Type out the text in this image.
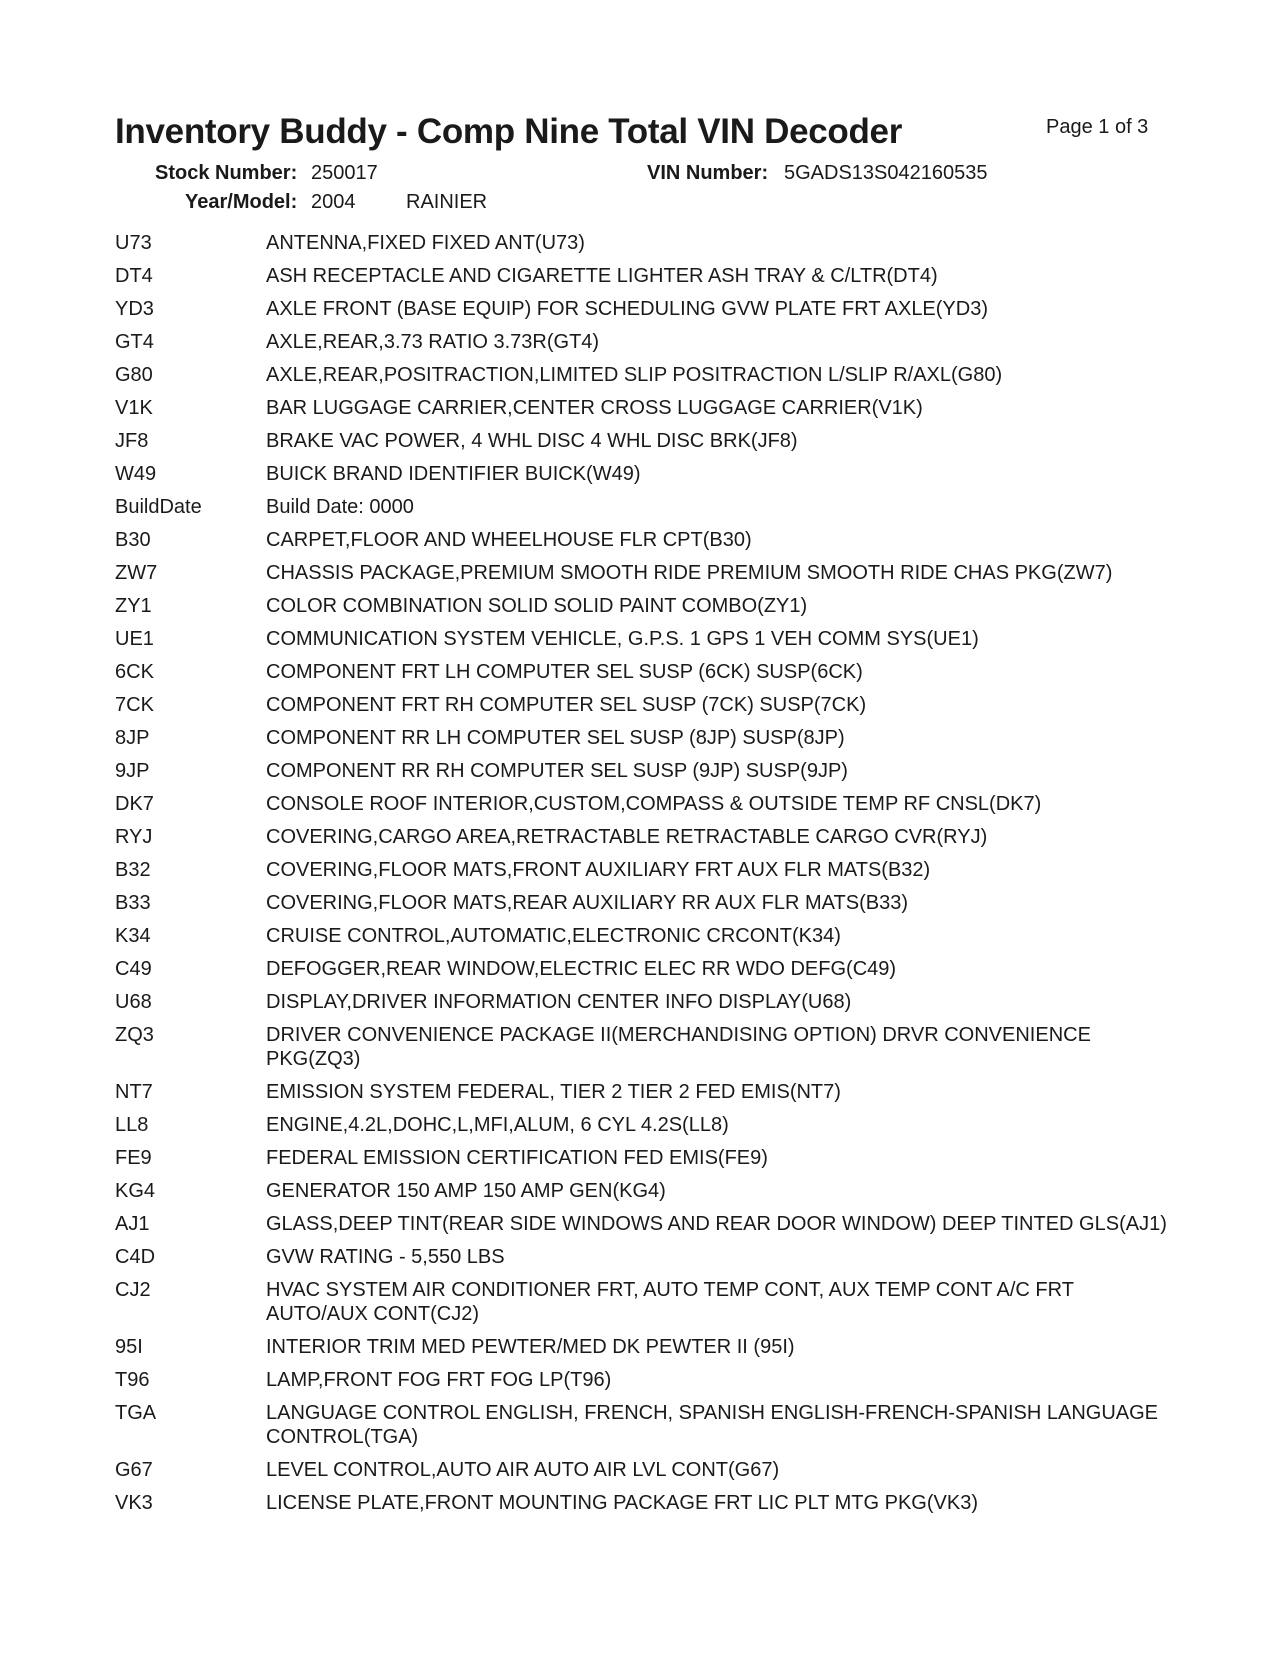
Inventory Buddy - Comp Nine Total VIN Decoder	Page 1 of 3
Stock Number: 250017	VIN Number: 5GADS13S042160535
Year/Model: 2004	RAINIER
U73	ANTENNA,FIXED FIXED ANT(U73)
DT4	ASH RECEPTACLE AND CIGARETTE LIGHTER ASH TRAY & C/LTR(DT4)
YD3	AXLE FRONT (BASE EQUIP) FOR SCHEDULING GVW PLATE FRT AXLE(YD3)
GT4	AXLE,REAR,3.73 RATIO 3.73R(GT4)
G80	AXLE,REAR,POSITRACTION,LIMITED SLIP POSITRACTION L/SLIP R/AXL(G80)
V1K	BAR LUGGAGE CARRIER,CENTER CROSS LUGGAGE CARRIER(V1K)
JF8	BRAKE VAC POWER, 4 WHL DISC 4 WHL DISC BRK(JF8)
W49	BUICK BRAND IDENTIFIER BUICK(W49)
BuildDate	Build Date: 0000
B30	CARPET,FLOOR AND WHEELHOUSE FLR CPT(B30)
ZW7	CHASSIS PACKAGE,PREMIUM SMOOTH RIDE PREMIUM SMOOTH RIDE CHAS PKG(ZW7)
ZY1	COLOR COMBINATION SOLID SOLID PAINT COMBO(ZY1)
UE1	COMMUNICATION SYSTEM VEHICLE, G.P.S. 1 GPS 1 VEH COMM SYS(UE1)
6CK	COMPONENT FRT LH COMPUTER SEL SUSP (6CK) SUSP(6CK)
7CK	COMPONENT FRT RH COMPUTER SEL SUSP (7CK) SUSP(7CK)
8JP	COMPONENT RR LH COMPUTER SEL SUSP (8JP) SUSP(8JP)
9JP	COMPONENT RR RH COMPUTER SEL SUSP (9JP) SUSP(9JP)
DK7	CONSOLE ROOF INTERIOR,CUSTOM,COMPASS & OUTSIDE TEMP RF CNSL(DK7)
RYJ	COVERING,CARGO AREA,RETRACTABLE RETRACTABLE CARGO CVR(RYJ)
B32	COVERING,FLOOR MATS,FRONT AUXILIARY FRT AUX FLR MATS(B32)
B33	COVERING,FLOOR MATS,REAR AUXILIARY RR AUX FLR MATS(B33)
K34	CRUISE CONTROL,AUTOMATIC,ELECTRONIC CRCONT(K34)
C49	DEFOGGER,REAR WINDOW,ELECTRIC ELEC RR WDO DEFG(C49)
U68	DISPLAY,DRIVER INFORMATION CENTER INFO DISPLAY(U68)
ZQ3	DRIVER CONVENIENCE PACKAGE II(MERCHANDISING OPTION) DRVR CONVENIENCE PKG(ZQ3)
NT7	EMISSION SYSTEM FEDERAL, TIER 2 TIER 2 FED EMIS(NT7)
LL8	ENGINE,4.2L,DOHC,L,MFI,ALUM, 6 CYL 4.2S(LL8)
FE9	FEDERAL EMISSION CERTIFICATION FED EMIS(FE9)
KG4	GENERATOR 150 AMP 150 AMP GEN(KG4)
AJ1	GLASS,DEEP TINT(REAR SIDE WINDOWS AND REAR DOOR WINDOW) DEEP TINTED GLS(AJ1)
C4D	GVW RATING - 5,550 LBS
CJ2	HVAC SYSTEM AIR CONDITIONER FRT, AUTO TEMP CONT, AUX TEMP CONT A/C FRT AUTO/AUX CONT(CJ2)
95I	INTERIOR TRIM MED PEWTER/MED DK PEWTER II (95I)
T96	LAMP,FRONT FOG FRT FOG LP(T96)
TGA	LANGUAGE CONTROL ENGLISH, FRENCH, SPANISH ENGLISH-FRENCH-SPANISH LANGUAGE CONTROL(TGA)
G67	LEVEL CONTROL,AUTO AIR AUTO AIR LVL CONT(G67)
VK3	LICENSE PLATE,FRONT MOUNTING PACKAGE FRT LIC PLT MTG PKG(VK3)
